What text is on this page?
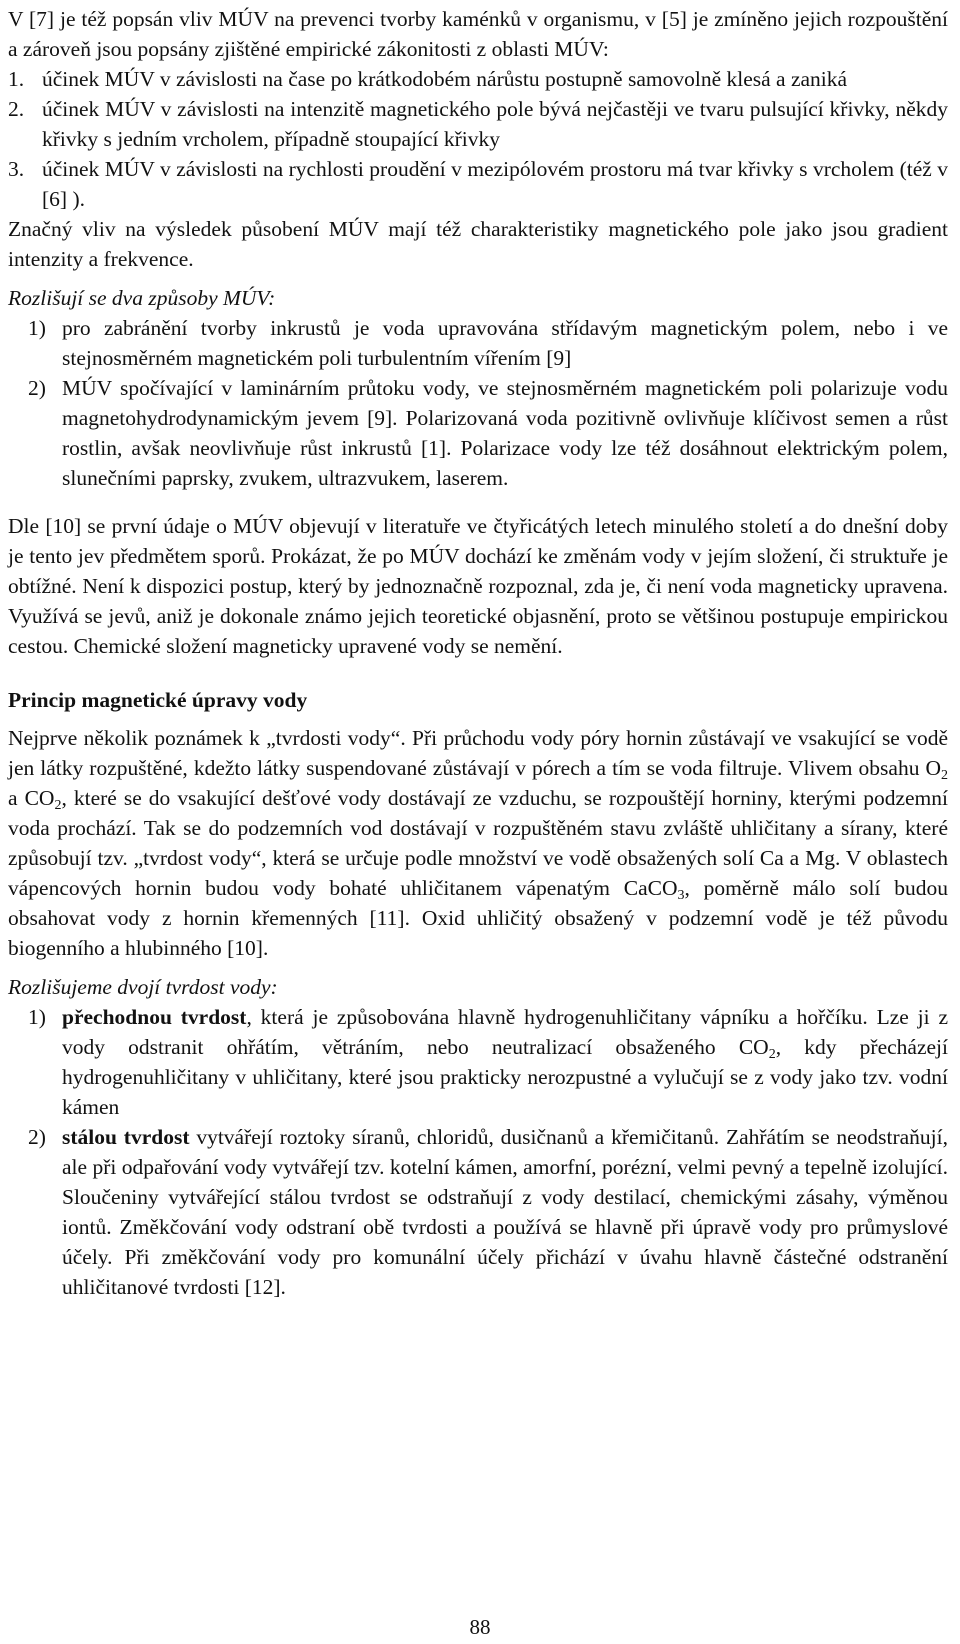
V [7] je též popsán vliv MÚV na prevenci tvorby kaménků v organismu, v [5] je zmíněno jejich rozpouštění a zároveň jsou popsány zjištěné empirické zákonitosti z oblasti MÚV:

1. účinek MÚV v závislosti na čase po krátkodobém nárůstu postupně samovolně klesá a zaniká
2. účinek MÚV v závislosti na intenzitě magnetického pole bývá nejčastěji ve tvaru pulsující křivky, někdy křivky s jedním vrcholem, případně stoupající křivky
3. účinek MÚV v závislosti na rychlosti proudění v mezipólovém prostoru má tvar křivky s vrcholem (též v [6] ).

Značný vliv na výsledek působení MÚV mají též charakteristiky magnetického pole jako jsou gradient intenzity a frekvence.

Rozlišují se dva způsoby MÚV:

1) pro zabránění tvorby inkrustů je voda upravována střídavým magnetickým polem, nebo i ve stejnosměrném magnetickém poli turbulentním vířením [9]
2) MÚV spočívající v laminárním průtoku vody, ve stejnosměrném magnetickém poli polarizuje vodu magnetohydrodynamickým jevem [9]. Polarizovaná voda pozitivně ovlivňuje klíčivost semen a růst rostlin, avšak neovlivňuje růst inkrustů [1]. Polarizace vody lze též dosáhnout elektrickým polem, slunečními paprsky, zvukem, ultrazvukem, laserem.

Dle [10] se první údaje o MÚV objevují v literatuře ve čtyřicátých letech minulého století a do dnešní doby je tento jev předmětem sporů. Prokázat, že po MÚV dochází ke změnám vody v jejím složení, či struktuře je obtížné. Není k dispozici postup, který by jednoznačně rozpoznal, zda je, či není voda magneticky upravena. Využívá se jevů, aniž je dokonale známo jejich teoretické objasnění, proto se většinou postupuje empirickou cestou. Chemické složení magneticky upravené vody se nemění.

Princip magnetické úpravy vody

Nejprve několik poznámek k „tvrdosti vody“. Při průchodu vody póry hornin zůstávají ve vsakující se vodě jen látky rozpuštěné, kdežto látky suspendované zůstávají v pórech a tím se voda filtruje. Vlivem obsahu $O_2$ a $CO_2$, které se do vsakující dešťové vody dostávají ze vzduchu, se rozpouštějí horniny, kterými podzemní voda prochází. Tak se do podzemních vod dostávají v rozpuštěném stavu zvláště uhličitany a sírany, které způsobují tzv. „tvrdost vody“, která se určuje podle množství ve vodě obsažených solí Ca a Mg. V oblastech vápencových hornin budou vody bohaté uhličitanem vápenatým CaCO$_3$, poměrně málo solí budou obsahovat vody z hornin křemenných [11]. Oxid uhličitý obsažený v podzemní vodě je též původu biogenního a hlubinného [10].

Rozlišujeme dvojí tvrdost vody:

1) přechodnou tvrdost, která je způsobována hlavně hydrogenuhličitany vápníku a hořčíku. Lze ji z vody odstranit ohřátím, větráním, nebo neutralizací obsaženého $CO_2$, kdy přecházejí hydrogenuhličitany v uhličitany, které jsou prakticky nerozpustné a vylučují se z vody jako tzv. vodní kámen
2) stálou tvrdost vytvářejí roztoky síranů, chloridů, dusičnanů a křemičitanů. Zahřátím se neodstraňují, ale při odpařování vody vytvářejí tzv. kotelní kámen, amorfní, porézní, velmi pevný a tepelně izolující. Sloučeniny vytvářející stálou tvrdost se odstraňují z vody destilací, chemickými zásahy, výměnou iontů. Změkčování vody odstraní obě tvrdosti a používá se hlavně při úpravě vody pro průmyslové účely. Při změkčování vody pro komunální účely přichází v úvahu hlavně částečné odstranění uhličitanové tvrdosti [12].
88
